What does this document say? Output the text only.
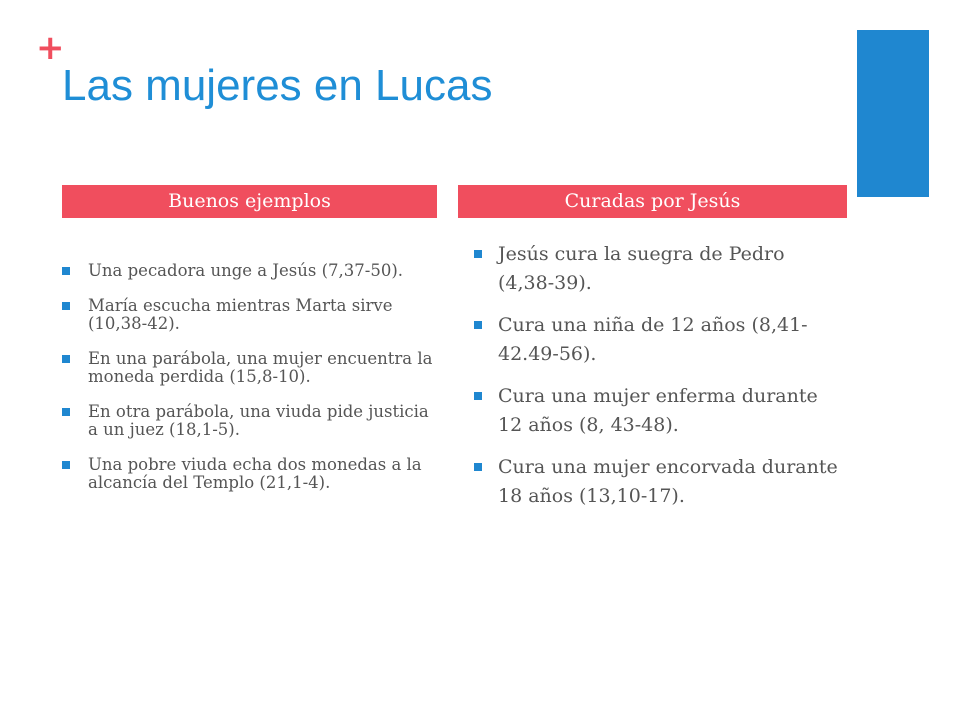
+
Las mujeres en Lucas
Buenos ejemplos	Curadas por Jesús
Una pecadora unge a Jesús (7,37-50).
María escucha mientras Marta sirve (10,38-42).
En una parábola, una mujer encuentra la moneda perdida (15,8-10).
En otra parábola, una viuda pide justicia a un juez (18,1-5).
Una pobre viuda echa dos monedas a la alcancía del Templo (21,1-4).
Jesús cura la suegra de Pedro (4,38-39).
Cura una niña de 12 años (8,41-42.49-56).
Cura una mujer enferma durante 12 años (8, 43-48).
Cura una mujer encorvada durante 18 años (13,10-17).
